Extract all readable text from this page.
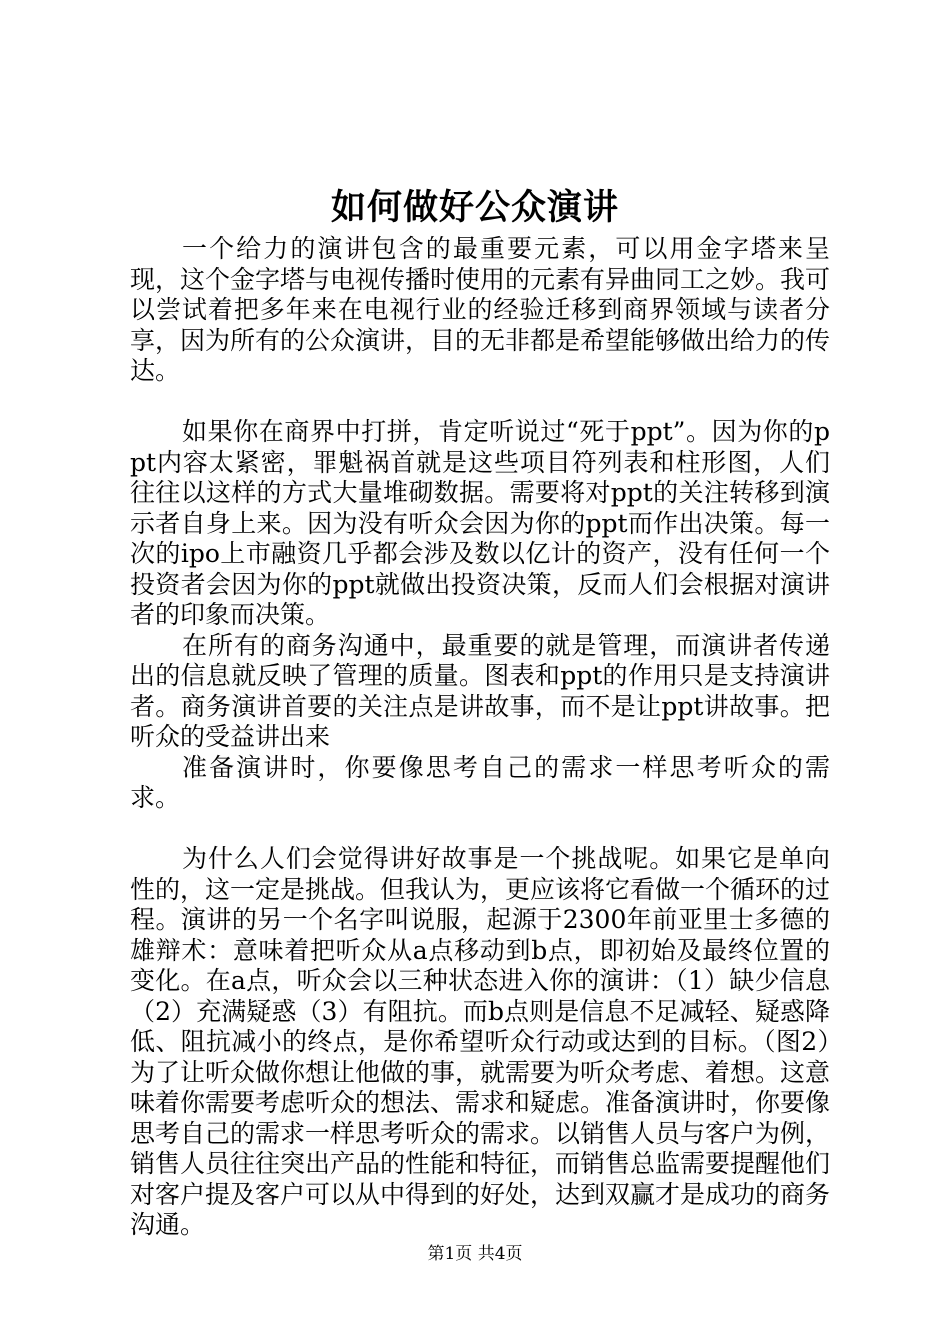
如何做好公众演讲

一个给力的演讲包含的最重要元素，可以用金字塔来呈现，这个金字塔与电视传播时使用的元素有异曲同工之妙。我可以尝试着把多年来在电视行业的经验迁移到商界领域与读者分享，因为所有的公众演讲，目的无非都是希望能够做出给力的传达。

如果你在商界中打拼，肯定听说过“死于ppt”。因为你的ppt内容太紧密，罪魁祸首就是这些项目符列表和柱形图，人们往往以这样的方式大量堆砌数据。需要将对ppt的关注转移到演示者自身上来。因为没有听众会因为你的ppt而作出决策。每一次的ipo上市融资几乎都会涉及数以亿计的资产，没有任何一个投资者会因为你的ppt就做出投资决策，反而人们会根据对演讲者的印象而决策。

在所有的商务沟通中，最重要的就是管理，而演讲者传递出的信息就反映了管理的质量。图表和ppt的作用只是支持演讲者。商务演讲首要的关注点是讲故事，而不是让ppt讲故事。把听众的受益讲出来

准备演讲时，你要像思考自己的需求一样思考听众的需求。

为什么人们会觉得讲好故事是一个挑战呢。如果它是单向性的，这一定是挑战。但我认为，更应该将它看做一个循环的过程。演讲的另一个名字叫说服，起源于2300年前亚里士多德的雄辩术：意味着把听众从a点移动到b点，即初始及最终位置的变化。在a点，听众会以三种状态进入你的演讲：（1）缺少信息（2）充满疑惑（3）有阻抗。而b点则是信息不足减轻、疑惑降低、阻抗减小的终点，是你希望听众行动或达到的目标。（图2）为了让听众做你想让他做的事，就需要为听众考虑、着想。这意味着你需要考虑听众的想法、需求和疑虑。准备演讲时，你要像思考自己的需求一样思考听众的需求。以销售人员与客户为例，销售人员往往突出产品的性能和特征，而销售总监需要提醒他们对客户提及客户可以从中得到的好处，达到双赢才是成功的商务沟通。

第1页 共4页
